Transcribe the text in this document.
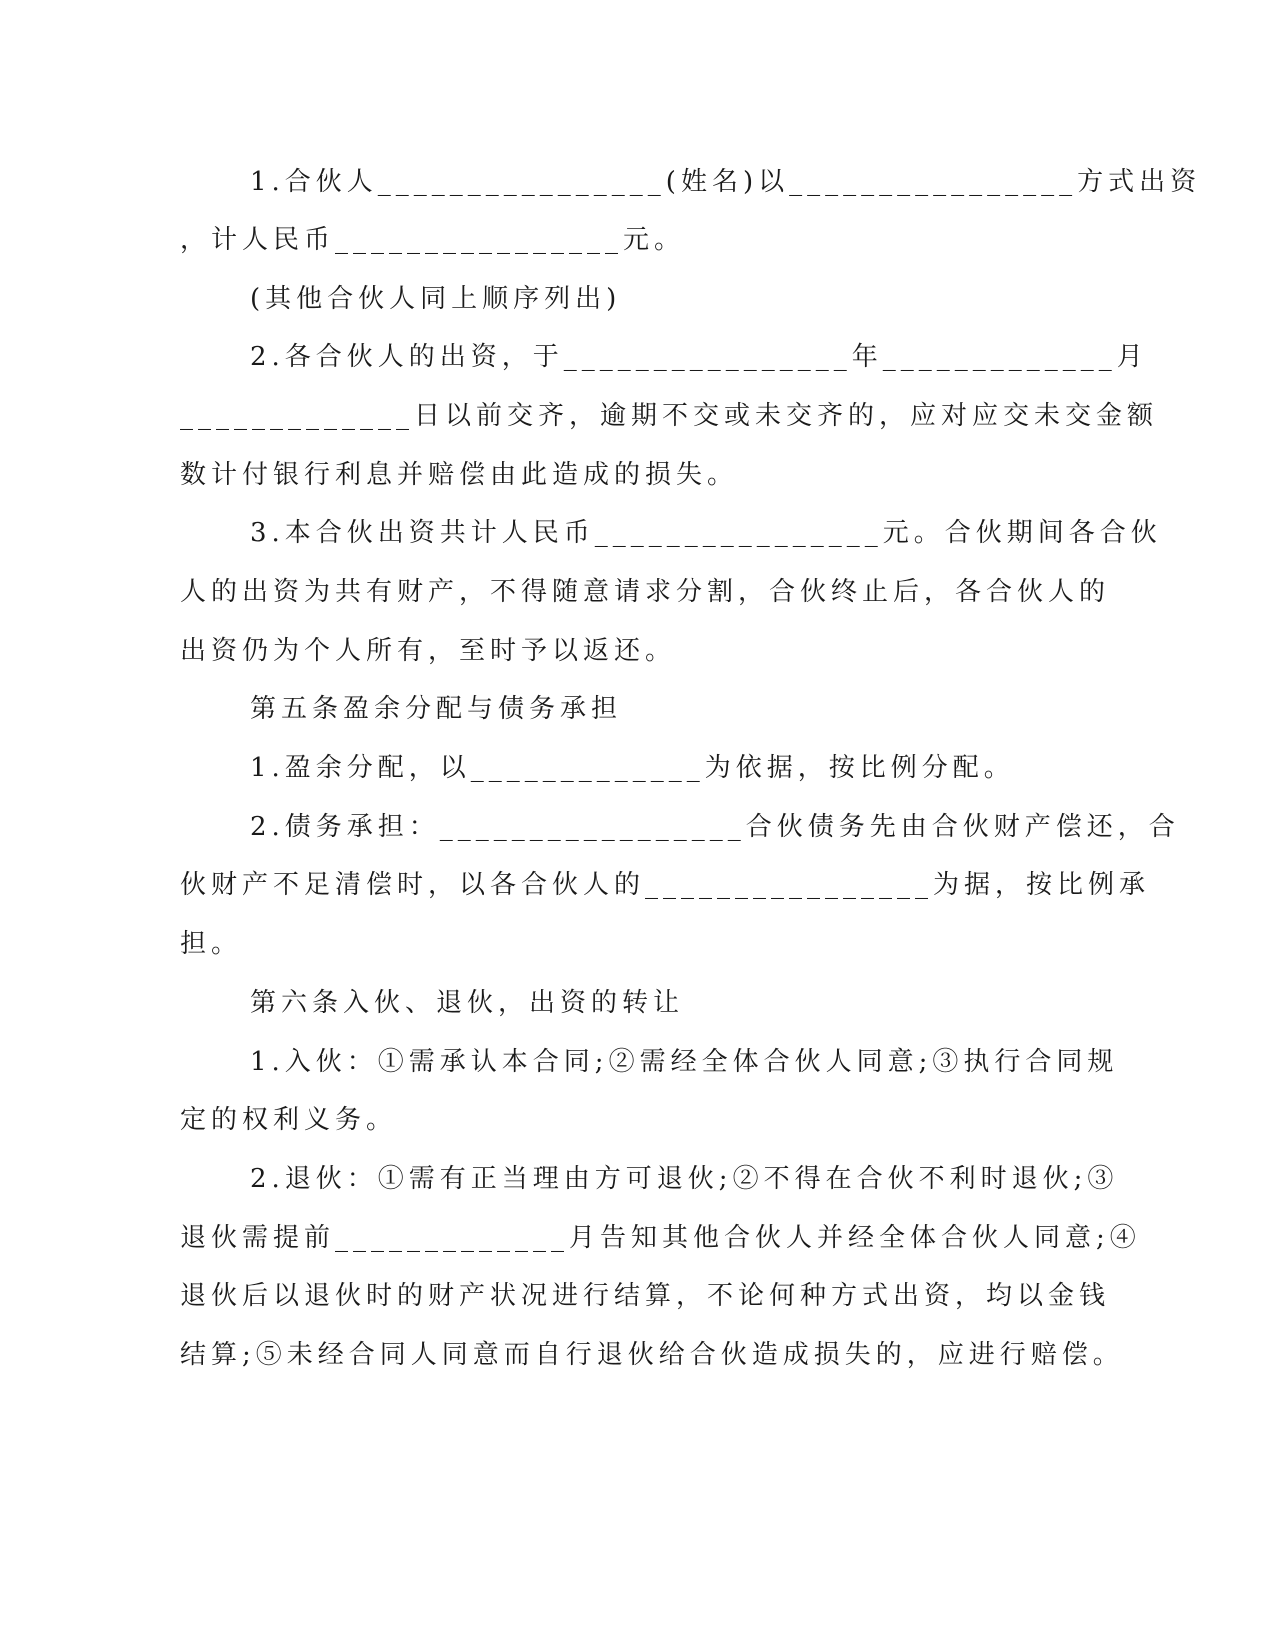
1.合伙人________________(姓名)以________________方式出资
，计人民币________________元。
(其他合伙人同上顺序列出)
2.各合伙人的出资，于________________年_____________月
_____________日以前交齐，逾期不交或未交齐的，应对应交未交金额
数计付银行利息并赔偿由此造成的损失。
3.本合伙出资共计人民币________________元。合伙期间各合伙
人的出资为共有财产，不得随意请求分割，合伙终止后，各合伙人的
出资仍为个人所有，至时予以返还。
第五条盈余分配与债务承担
1.盈余分配，以_____________为依据，按比例分配。
2.债务承担：_________________合伙债务先由合伙财产偿还，合
伙财产不足清偿时，以各合伙人的________________为据，按比例承
担。
第六条入伙、退伙，出资的转让
1.入伙：①需承认本合同;②需经全体合伙人同意;③执行合同规
定的权利义务。
2.退伙：①需有正当理由方可退伙;②不得在合伙不利时退伙;③
退伙需提前_____________月告知其他合伙人并经全体合伙人同意;④
退伙后以退伙时的财产状况进行结算，不论何种方式出资，均以金钱
结算;⑤未经合同人同意而自行退伙给合伙造成损失的，应进行赔偿。
